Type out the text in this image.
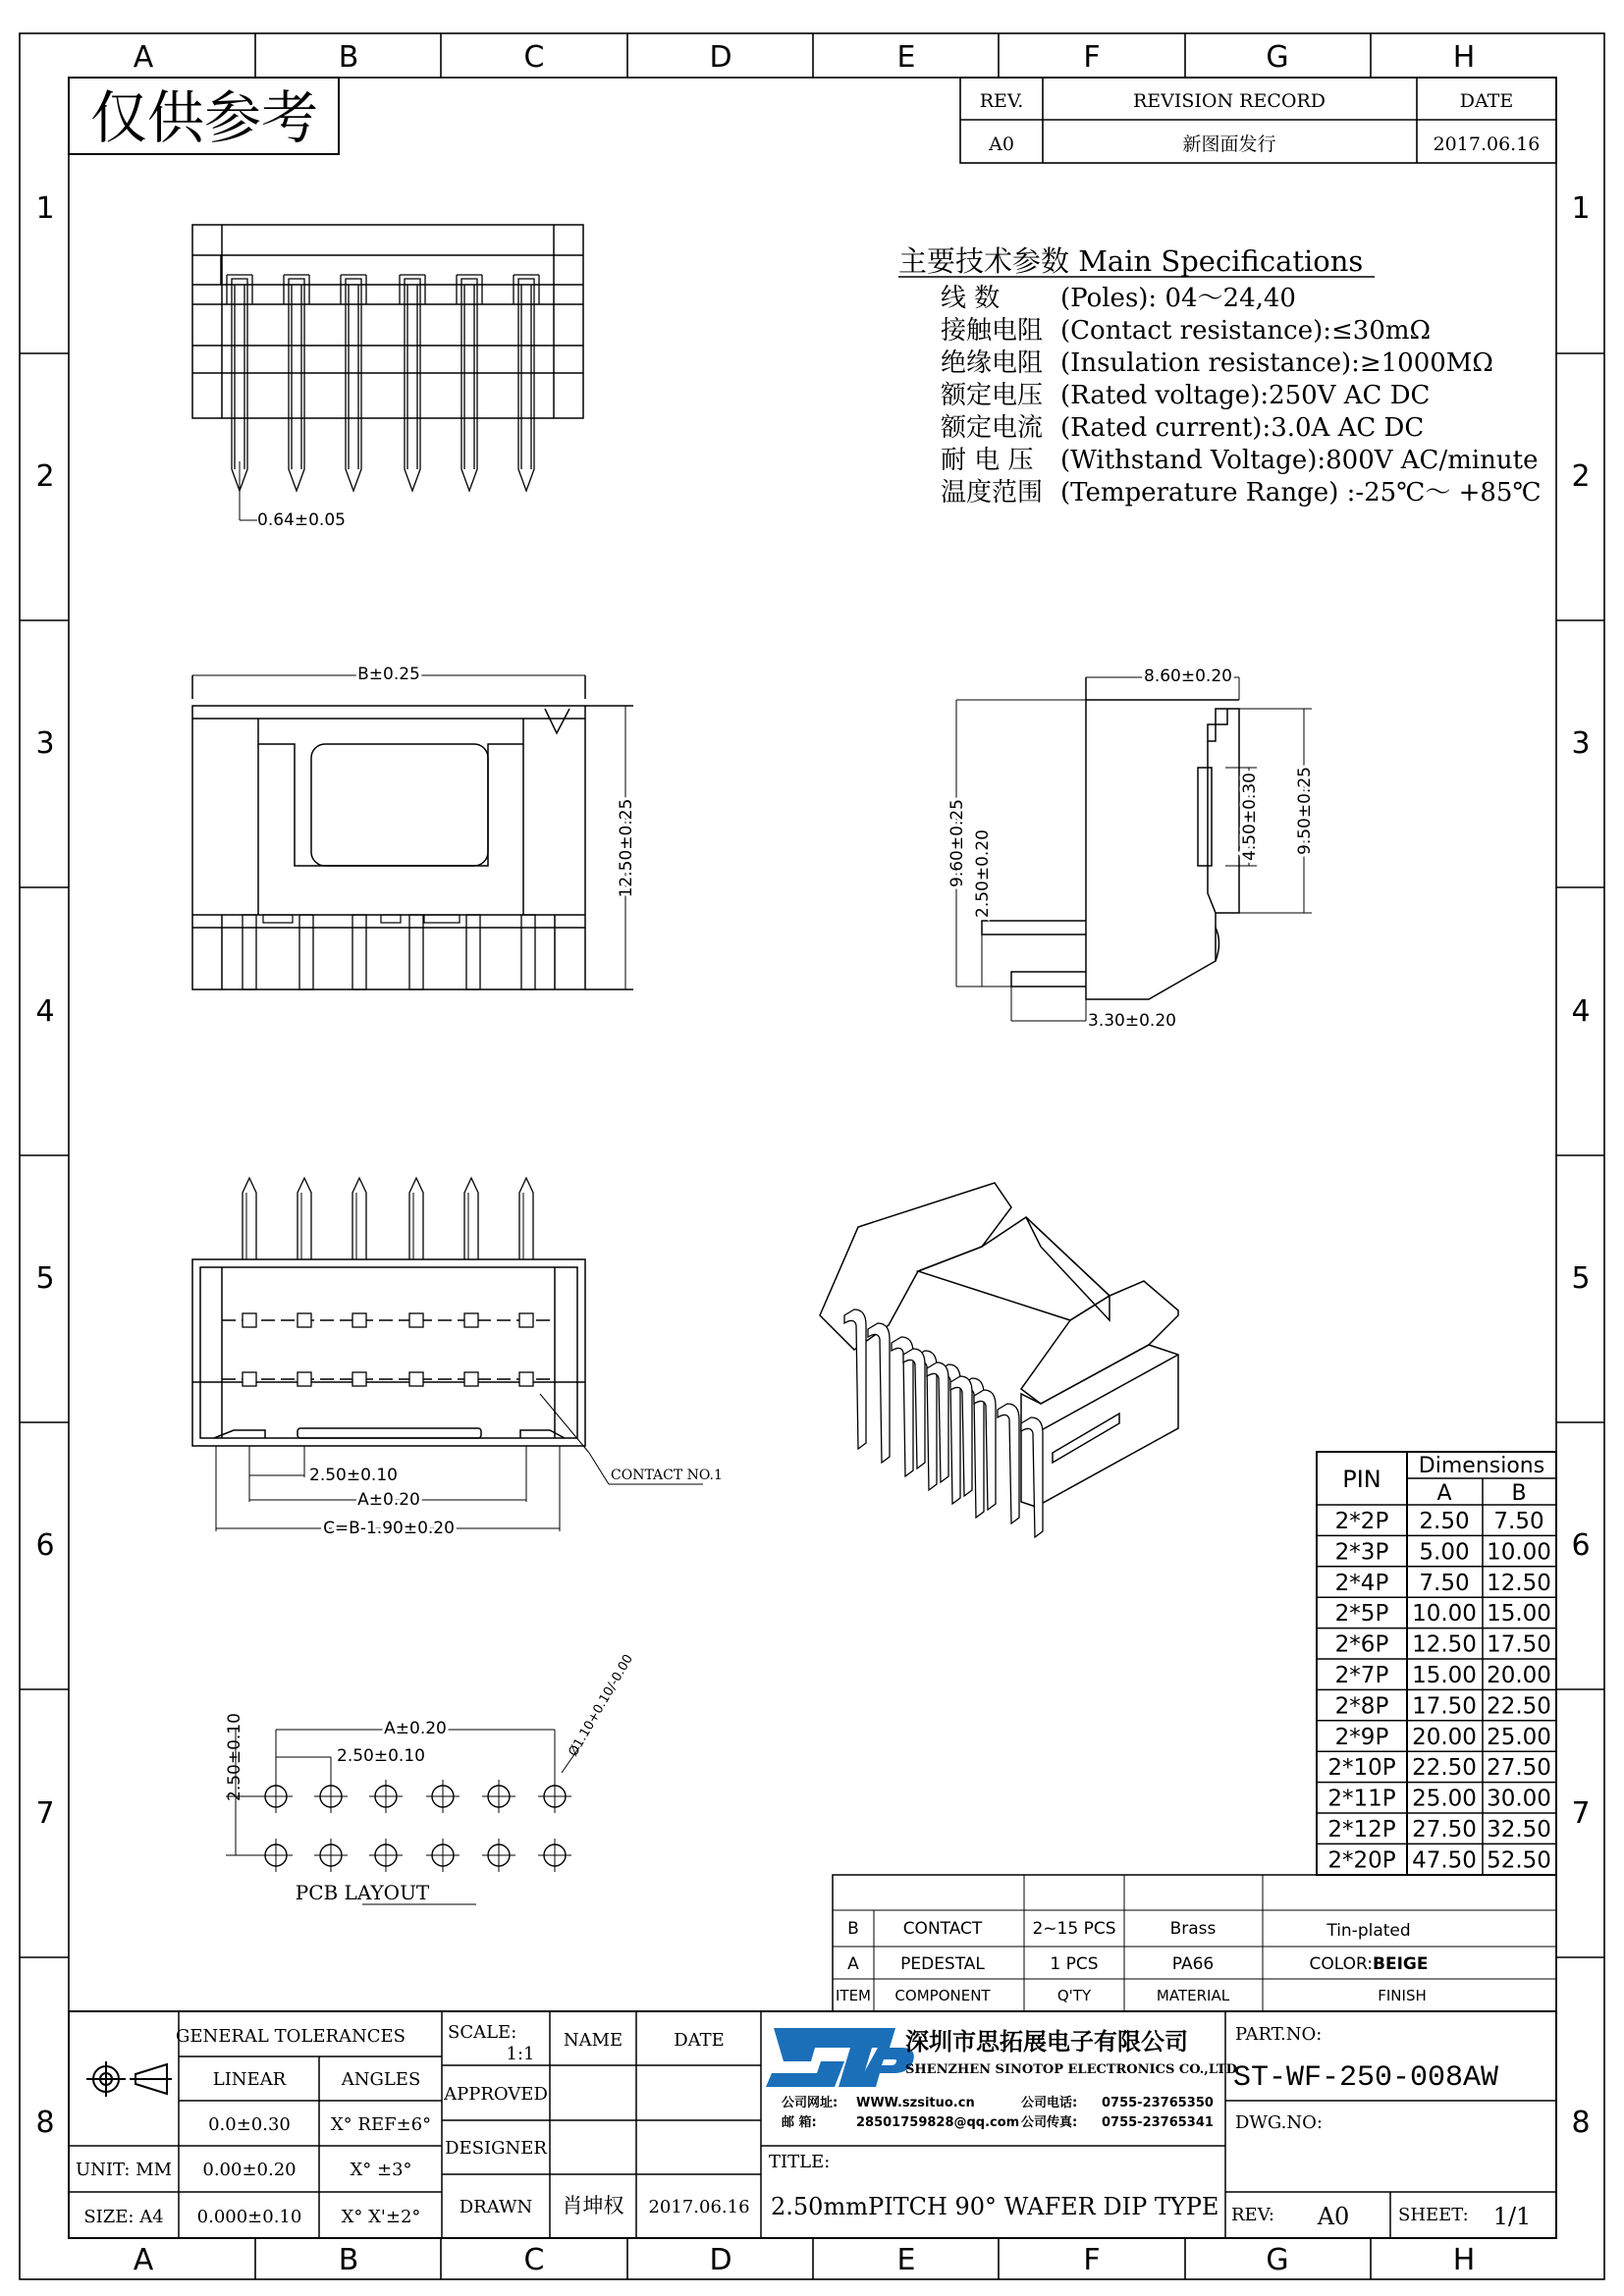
A	B	C	D	E	F	G	H
A	B	C	D	E	F	G	H
1
2
3
4
5
6
7
8
1
2
3
4
5
6
7
8
仅供参考	REV.	REVISION RECORD	DATE
A0	新图面发行	2017.06.16
主要技术参数 Main Specifications
线 数 (Poles): 04～24,40
接触电阻 (Contact resistance):≤30mΩ
绝缘电阻 (Insulation resistance):≥1000MΩ
额定电压 (Rated voltage):250V AC DC
额定电流 (Rated current):3.0A AC DC
耐 电 压 (Withstand Voltage):800V AC/minute
温度范围 (Temperature Range) :-25℃～ +85℃
0.64±0.05
B±0.25
12.50±0.25
8.60±0.20
9.60±0.25 2.50±0.20
4.50±0.30 9.50±0.25
3.30±0.20
2.50±0.10
A±0.20
C=B-1.90±0.20
CONTACT NO.1
A±0.20
2.50±0.10
2.50±0.10	Ø1.10+0.10/-0.00
PCB LAYOUT
PIN Dimensions
A	B
2*2P 2.50 7.50
2*3P 5.00 10.00
2*4P 7.50 12.50
2*5P 10.00 15.00
2*6P 12.50 17.50
2*7P 15.00 20.00
2*8P 17.50 22.50
2*9P 20.00 25.00
2*10P 22.50 27.50
2*11P 25.00 30.00
2*12P 27.50 32.50
2*20P 47.50 52.50
B	CONTACT	2~15 PCS	Brass	Tin-plated
A PEDESTAL	1 PCS	PA66	COLOR:BEIGE
ITEM COMPONENT	Q'TY	MATERIAL	FINISH
GENERAL TOLERANCES
LINEAR	ANGLES
0.0±0.30 X° REF±6°
UNIT: MM 0.00±0.20	X° ±3°
SIZE: A4 0.000±0.10 X° X'±2°
SCALE:
1:1
NAME	DATE
APPROVED
DESIGNER
DRAWN 肖坤权 2017.06.16
深圳市思拓展电子有限公司
SHENZHEN SINOTOP ELECTRONICS CO.,LTD
公司网址: WWW.szsituo.cn	公司电话: 0755-23765350
邮 箱:	28501759828@qq.com 公司传真: 0755-23765341
TITLE:
2.50mmPITCH 90° WAFER DIP TYPE
PART.NO:
ST-WF-250-008AW
DWG.NO:
REV: A0	SHEET: 1/1
